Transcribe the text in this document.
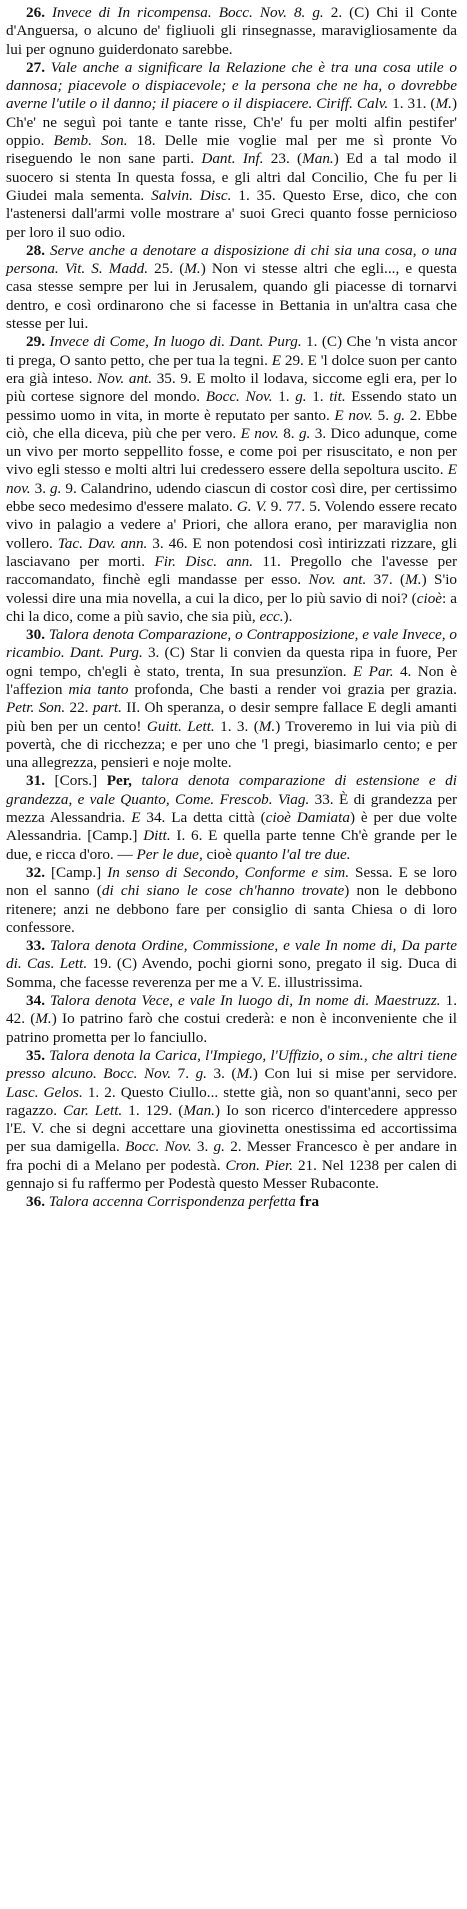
26. Invece di In ricompensa. Bocc. Nov. 8. g. 2. (C) Chi il Conte d'Anguersa, o alcuno de' figliuoli gli rinsegnasse, maravigliosamente da lui per ognuno guiderdonato sarebbe.

27. Vale anche a significare la Relazione che è tra una cosa utile o dannosa; piacevole o dispiacevole; e la persona che ne ha, o dovrebbe averne l'utile o il danno; il piacere o il dispiacere. Ciriff. Calv. 1. 31. (M.) Ch'e' ne seguì poi tante e tante risse, Ch'e' fu per molti alfin pestifer' oppio. Bemb. Son. 18. Delle mie voglie mal per me sì pronte Vo riseguendo le non sane parti. Dant. Inf. 23. (Man.) Ed a tal modo il suocero si stenta In questa fossa, e gli altri dal Concilio, Che fu per li Giudei mala sementa. Salvin. Disc. 1. 35. Questo Erse, dico, che con l'astenersi dall'armi volle mostrare a' suoi Greci quanto fosse pernicioso per loro il suo odio.

28. Serve anche a denotare a disposizione di chi sia una cosa, o una persona. Vit. S. Madd. 25. (M.) Non vi stesse altri che egli..., e questa casa stesse sempre per lui in Jerusalem, quando gli piacesse di tornarvi dentro, e così ordinarono che si facesse in Bettania in un'altra casa che stesse per lui.

29. Invece di Come, In luogo di. Dant. Purg. 1. (C) Che 'n vista ancor ti pregа, O santo petto, che per tua la tegni. E 29. E 'l dolce suon per canto era già inteso. Nov. ant. 35. 9. E molto il lodava, siccome egli era, per lo più cortese signore del mondo. Bocc. Nov. 1. g. 1. tit. Essendo stato un pessimo uomo in vita, in morte è reputato per santo. E nov. 5. g. 2. Ebbe ciò, che ella diceva, più che per vero. E nov. 8. g. 3. Dico adunque, come un vivo per morto seppellito fosse, e come poi per risuscitato, e non per vivo egli stesso e molti altri lui credessero essere della sepoltura uscito. E nov. 3. g. 9. Calandrino, udendo ciascun di costor così dire, per certissimo ebbe seco medesimo d'essere malato. G. V. 9. 77. 5. Volendo essere recato vivo in palagio a vedere a' Priori, che allora erano, per maraviglia non vollero. Tac. Dav. ann. 3. 46. E non potendosi così intirizzati rizzare, gli lasciavano per morti. Fir. Disc. ann. 11. Pregollo che l'avesse per raccomandato, finchè egli mandasse per esso. Nov. ant. 37. (M.) S'io volessi dire una mia novella, a cui la dico, per lo più savio di noi? (cioè: a chi la dico, come a più savio, che sia più, ecc.).

30. Talora denota Comparazione, o Contrapposizione, e vale Invece, o ricambio. Dant. Purg. 3. (C) Star li convien da questa ripa in fuore, Per ogni tempo, ch'egli è stato, trenta, In sua presunzïon. E Par. 4. Non è l'affezion mia tanto profonda, Che basti a render voi grazia per grazia. Petr. Son. 22. part. II. Oh speranza, o desir sempre fallace E degli amanti più ben per un cento! Guitt. Lett. 1. 3. (M.) Troveremo in lui via più di povertà, che di ricchezza; e per uno che 'l pregi, biasimarlo cento; e per una allegrezza, pensieri e noje molte.

31. [Cors.] Per, talora denota comparazione di estensione e di grandezza, e vale Quanto, Come. Frescob. Viag. 33. È di grandezza per mezza Alessandria. E 34. La detta città (cioè Damiata) è per due volte Alessandria. [Camp.] Ditt. I. 6. E quella parte tenne Ch'è grande per le due, e ricca d'oro. — Per le due, cioè quanto l'al tre due.

32. [Camp.] In senso di Secondo, Conforme e sim. Sessa. E se loro non el sanno (di chi siano le cose ch'hanno trovate) non le debbono ritenere; anzi ne debbono fare per consiglio di santa Chiesa o di loro confessore.

33. Talora denota Ordine, Commissione, e vale In nome di, Da parte di. Cas. Lett. 19. (C) Avendo, pochi giorni sono, pregato il sig. Duca di Somma, che facesse reverenza per me a V. E. illustrissima.

34. Talora denota Vece, e vale In luogo di, In nome di. Maestruzz. 1. 42. (M.) Io patrino farò che costui crederà: e non è inconveniente che il patrino prometta per lo fanciullo.

35. Talora denota la Carica, l'Impiego, l'Uffizio, o sim., che altri tiene presso alcuno. Bocc. Nov. 7. g. 3. (M.) Con lui si mise per servidore. Lasc. Gelos. 1. 2. Questo Ciullo... stette già, non so quant'anni, seco per ragazzo. Car. Lett. 1. 129. (Man.) Io son ricerco d'intercedere appresso l'E. V. che si degni accettare una giovinetta onestissima ed accortissima per sua damigella. Bocc. Nov. 3. g. 2. Messer Francesco è per andare in fra pochi di a Melano per podestà. Cron. Pier. 21. Nel 1238 per calen di gennajo si fu raffermo per Podestà questo Messer Rubaconte.

36. Talora accenna Corrispondenza perfetta fra
